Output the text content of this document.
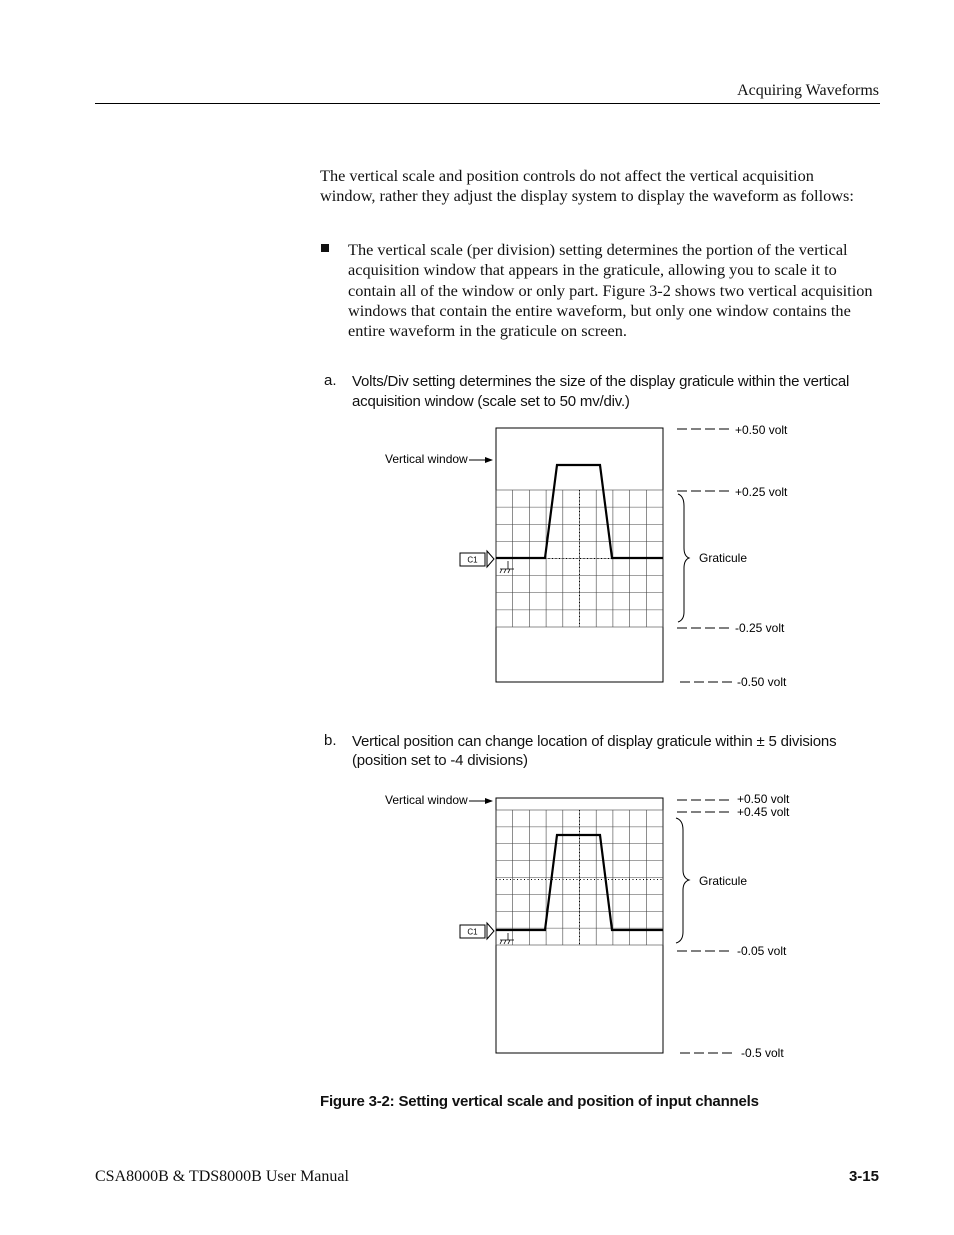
Acquiring Waveforms
The vertical scale and position controls do not affect the vertical acquisition window, rather they adjust the display system to display the waveform as follows:
The vertical scale (per division) setting determines the portion of the vertical acquisition window that appears in the graticule, allowing you to scale it to contain all of the window or only part. Figure 3-2 shows two vertical acquisition windows that contain the entire waveform, but only one window contains the entire waveform in the graticule on screen.
a. Volts/Div setting determines the size of the display graticule within the vertical
acquisition window (scale set to 50 mv/div.)
b. Vertical position can change location of display graticule within ± 5 divisions
(position set to -4 divisions)
C1
Vertical window
+0.50 volt
+0.25 volt
-0.25 volt
-0.50 volt
Graticule
C1
Vertical window	+0.50 volt
+0.45 volt
-0.05 volt
-0.5 volt
Graticule
Figure 3-2: Setting vertical scale and position of input channels
CSA8000B & TDS8000B User Manual	3-15
